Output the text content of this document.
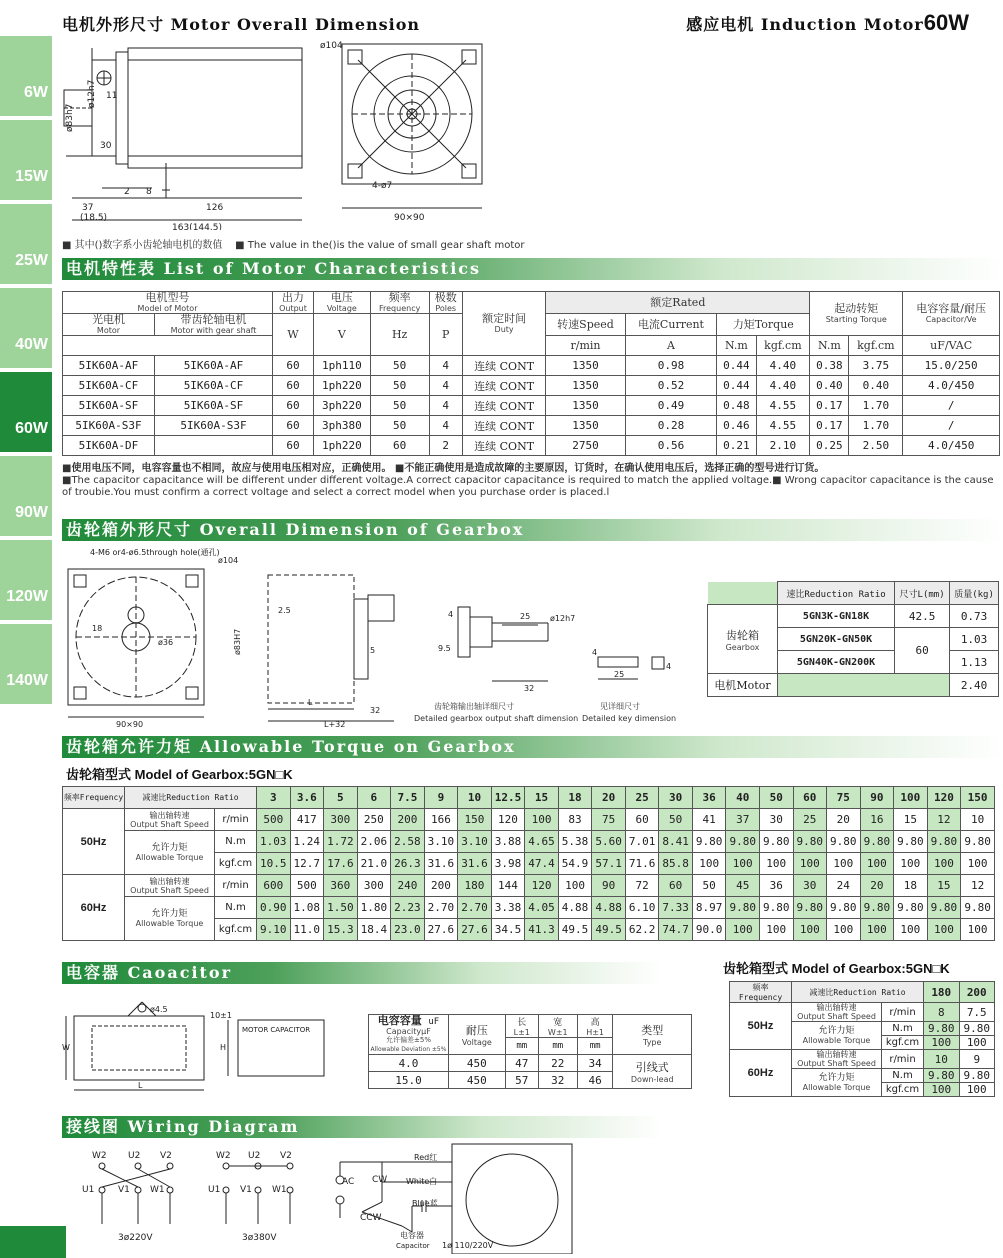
6W
15W
25W
40W
60W
90W
120W
140W
电机外形尺寸 Motor Overall Dimension	感应电机 Induction Motor60W
ø104
ø83h7
ø12h7 11
30
2 8
37
(18.5)
126
163(144.5)
4-ø7
90×90
■ 其中()数字系小齿轮轴电机的数值 ■ The value in the()is the value of small gear shaft motor
电机特性表 List of Motor Characteristics
电机型号
Model of Motor		出力
Output	电压
Voltage	频率
Frequency	极数
Poles	额定时间
Duty	额定Rated				起动转矩
Starting Torque		电容容量/耐压
Capacitor/Ve

光电机
Motor	带齿轮轴电机
Motor with gear shaft	W	V	Hz	P		转速Speed	电流Current	力矩Torque				
							r/min	A	N.m	kgf.cm	N.m	kgf.cm	uF/VAC
5IK60A-AF	5IK60A-AF	60	1ph110	50	4	连续 CONT	1350	0.98	0.44	4.40	0.38	3.75	15.0/250
5IK60A-CF	5IK60A-CF	60	1ph220	50	4	连续 CONT	1350	0.52	0.44	4.40	0.40	0.40	4.0/450
5IK60A-SF	5IK60A-SF	60	3ph220	50	4	连续 CONT	1350	0.49	0.48	4.55	0.17	1.70	/
5IK60A-S3F	5IK60A-S3F	60	3ph380	50	4	连续 CONT	1350	0.28	0.46	4.55	0.17	1.70	/
5IK60A-DF		60	1ph220	60	2	连续 CONT	2750	0.56	0.21	2.10	0.25	2.50	4.0/450
■使用电压不同，电容容量也不相同，故应与使用电压相对应，正确使用。 ■不能正确使用是造成故障的主要原因，订货时，在确认使用电压后，选择正确的型号进行订货。
■The capacitor capacitance will be different under different voltage.A correct capacitor capacitance is required to match the applied voltage.■ Wrong capacitor capacitance is the cause of troubie.You must confirm a correct voltage and select a correct model when you purchase order is placed.l
齿轮箱外形尺寸 Overall Dimension of Gearbox
4-M6 or4-ø6.5through hole(通孔)
ø104
18
ø36
90×90
2.5
ø83H7	5
32
L
L+32
4
9.5
25 ø12h7
4
25
4
32
齿轮箱输出轴详细尺寸
Detailed gearbox output shaft dimension
见详细尺寸
Detailed key dimension
	速比Reduction Ratio	尺寸L(mm)	质量(kg)
齿轮箱
Gearbox	5GN3K-GN18K	42.5	0.73
	5GN20K-GN50K	60	1.03
	5GN40K-GN200K		1.13
电机Motor			2.40
齿轮箱允许力矩 Allowable Torque on Gearbox
齿轮箱型式 Model of Gearbox:5GN□K
频率Frequency	减速比Reduction Ratio		3	3.6	5	6	7.5	9	10	12.5	15	18	20	25	30	36	40	50	60	75	90	100	120	150
50Hz	输出轴转速
Output Shaft Speed	r/min	500	417	300	250	200	166	150	120	100	83	75	60	50	41	37	30	25	20	16	15	12	10
	允许力矩
Allowable Torque	N.m	1.03	1.24	1.72	2.06	2.58	3.10	3.10	3.88	4.65	5.38	5.60	7.01	8.41	9.80	9.80	9.80	9.80	9.80	9.80	9.80	9.80	9.80
		kgf.cm	10.5	12.7	17.6	21.0	26.3	31.6	31.6	3.98	47.4	54.9	57.1	71.6	85.8	100	100	100	100	100	100	100	100	100
60Hz	输出轴转速
Output Shaft Speed	r/min	600	500	360	300	240	200	180	144	120	100	90	72	60	50	45	36	30	24	20	18	15	12
	允许力矩
Allowable Torque	N.m	0.90	1.08	1.50	1.80	2.23	2.70	2.70	3.38	4.05	4.88	4.88	6.10	7.33	8.97	9.80	9.80	9.80	9.80	9.80	9.80	9.80	9.80
		kgf.cm	9.10	11.0	15.3	18.4	23.0	27.6	27.6	34.5	41.3	49.5	49.5	62.2	74.7	90.0	100	100	100	100	100	100	100	100
电容器 Caoacitor	齿轮箱型式 Model of Gearbox:5GN□K
频率Frequency	减速比Reduction Ratio		180	200
50Hz	输出轴转速
Output Shaft Speed	r/min	8	7.5
	允许力矩
Allowable Torque	N.m	9.80	9.80
		kgf.cm	100	100
60Hz	输出轴转速
Output Shaft Speed	r/min	10	9
	允许力矩
Allowable Torque	N.m	9.80	9.80
		kgf.cm	100	100
ø4.5
10±1
W	H
L
MOTOR CAPACITOR
电容容量 uF
CapacityμF
允许偏差±5%
Allowable Deviation ±5%	耐压
Voltage	长
L±1	宽
W±1	高
H±1	类型
Type

		mm	mm	mm	
4.0	450	47	22	34	引线式
Down-lead

15.0	450	57	32	46	
接线图 Wiring Diagram
W2 U2 V2
U1	V1 W1
3ø220V
W2 U2 V2
U1 V1 W1
3ø380V
AC CW
CCW
Red红
White白
Blue蓝
电容器
Capacitor 1ø 110/220V
